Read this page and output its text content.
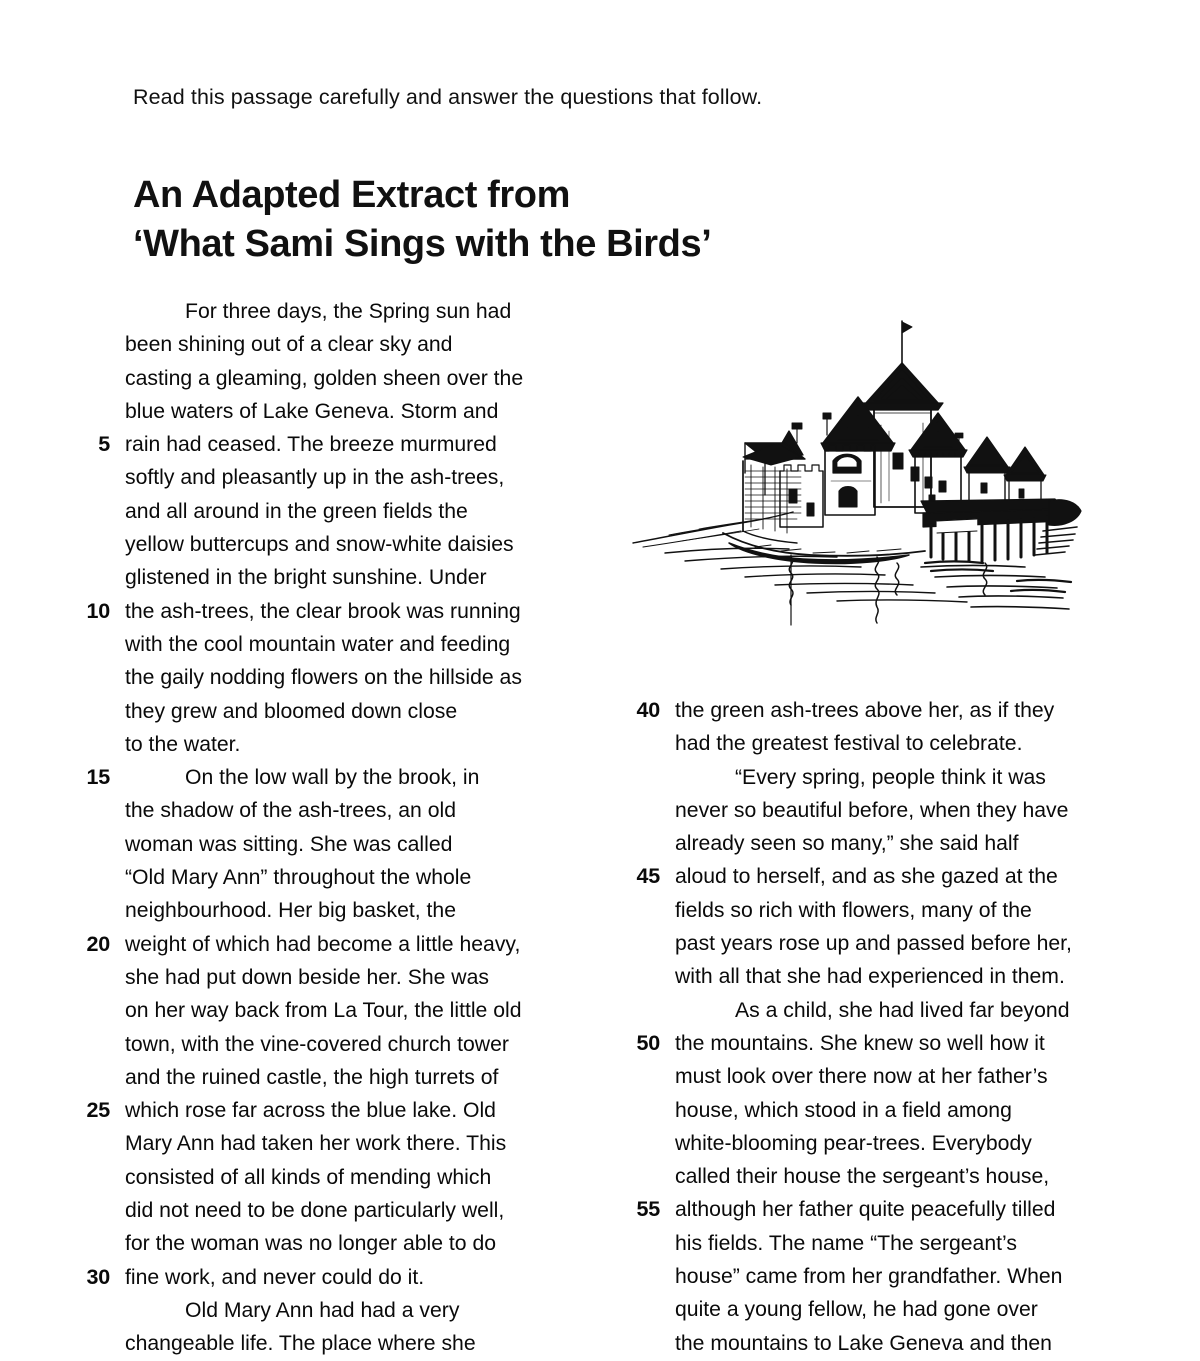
Read this passage carefully and answer the questions that follow.
An Adapted Extract from
‘What Sami Sings with the Birds’
For three days, the Spring sun had
been shining out of a clear sky and
casting a gleaming, golden sheen over the
blue waters of Lake Geneva. Storm and
5 rain had ceased. The breeze murmured
softly and pleasantly up in the ash-trees,
and all around in the green fields the
yellow buttercups and snow-white daisies
glistened in the bright sunshine. Under
10 the ash-trees, the clear brook was running
with the cool mountain water and feeding
the gaily nodding flowers on the hillside as
they grew and bloomed down close
to the water.
15	On the low wall by the brook, in
the shadow of the ash-trees, an old
woman was sitting. She was called
“Old Mary Ann” throughout the whole
neighbourhood. Her big basket, the
20 weight of which had become a little heavy,
she had put down beside her. She was
on her way back from La Tour, the little old
town, with the vine-covered church tower
and the ruined castle, the high turrets of
25 which rose far across the blue lake. Old
Mary Ann had taken her work there. This
consisted of all kinds of mending which
did not need to be done particularly well,
for the woman was no longer able to do
30 fine work, and never could do it.
Old Mary Ann had had a very
changeable life. The place where she
40 the green ash-trees above her, as if they
had the greatest festival to celebrate.
“Every spring, people think it was
never so beautiful before, when they have
already seen so many,” she said half
45 aloud to herself, and as she gazed at the
fields so rich with flowers, many of the
past years rose up and passed before her,
with all that she had experienced in them.
As a child, she had lived far beyond
50 the mountains. She knew so well how it
must look over there now at her father’s
house, which stood in a field among
white-blooming pear-trees. Everybody
called their house the sergeant’s house,
55 although her father quite peacefully tilled
his fields. The name “The sergeant’s
house” came from her grandfather. When
quite a young fellow, he had gone over
the mountains to Lake Geneva and then
